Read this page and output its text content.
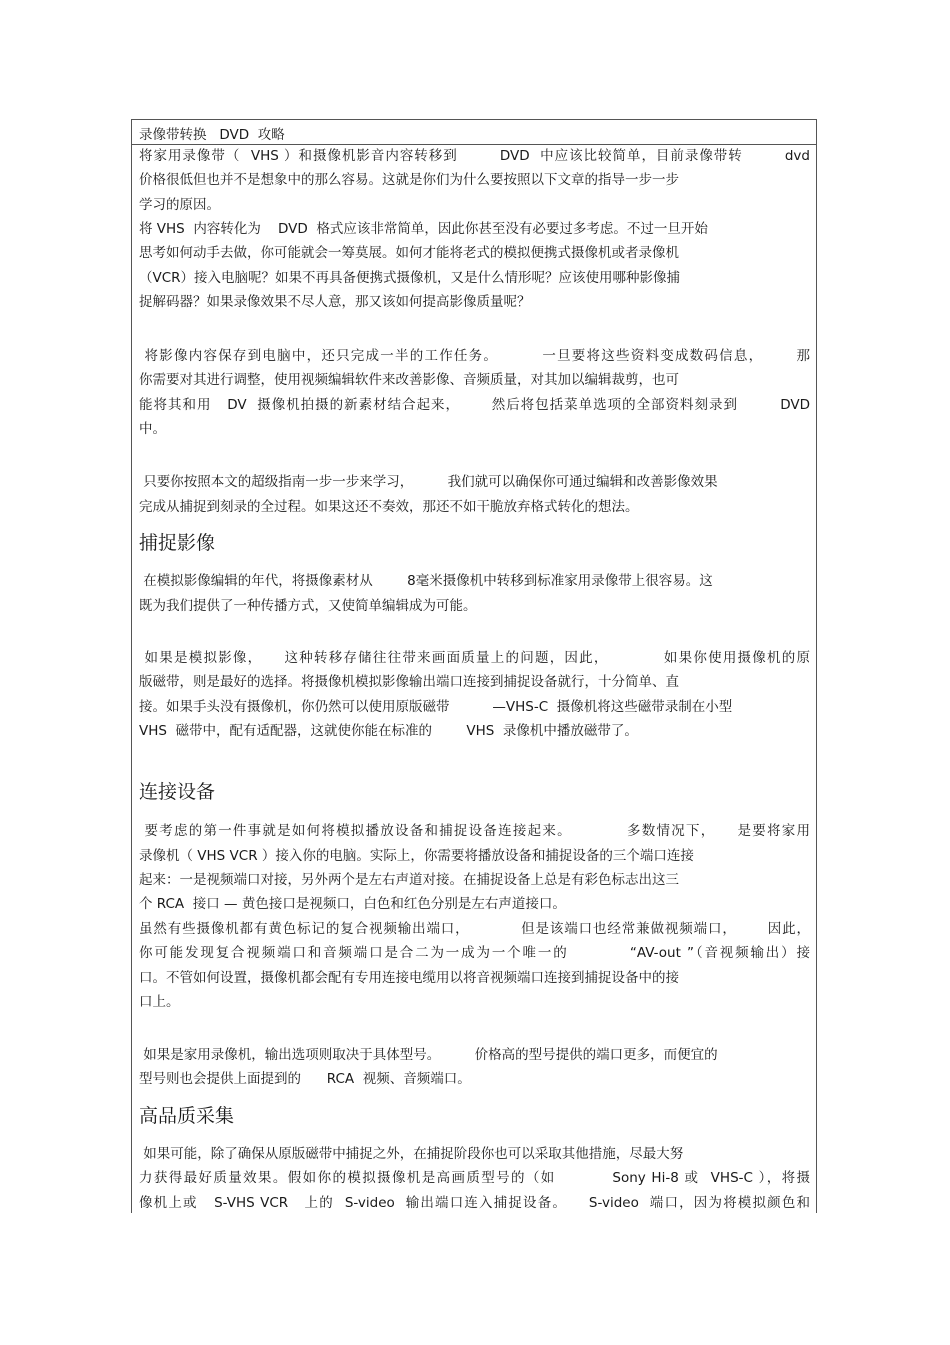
录像带转换   DVD  攻略
将家用录像带（  VHS ）和摄像机影音内容转移到        DVD  中应该比较简单，目前录像带转        dvd
价格很低但也并不是想象中的那么容易。这就是你们为什么要按照以下文章的指导一步一步
学习的原因。
将 VHS  内容转化为    DVD  格式应该非常简单，因此你甚至没有必要过多考虑。不过一旦开始
思考如何动手去做，你可能就会一筹莫展。如何才能将老式的模拟便携式摄像机或者录像机
（VCR）接入电脑呢？如果不再具备便携式摄像机，又是什么情形呢？应该使用哪种影像捕
捉解码器？如果录像效果不尽人意，那又该如何提高影像质量呢？
将影像内容保存到电脑中，还只完成一半的工作任务。        一旦要将这些资料变成数码信息，      那
你需要对其进行调整，使用视频编辑软件来改善影像、音频质量，对其加以编辑裁剪，也可
能将其和用   DV  摄像机拍摄的新素材结合起来，      然后将包括菜单选项的全部资料刻录到        DVD
中。
只要你按照本文的超级指南一步一步来学习，        我们就可以确保你可通过编辑和改善影像效果
完成从捕捉到刻录的全过程。如果这还不奏效，那还不如干脆放弃格式转化的想法。
捕捉影像
在模拟影像编辑的年代，将摄像素材从        8毫米摄像机中转移到标准家用录像带上很容易。这
既为我们提供了一种传播方式，又使简单编辑成为可能。
如果是模拟影像，    这种转移存储往往带来画面质量上的问题，因此，          如果你使用摄像机的原
版磁带，则是最好的选择。将摄像机模拟影像输出端口连接到捕捉设备就行，十分简单、直
接。如果手头没有摄像机，你仍然可以使用原版磁带          —VHS-C  摄像机将这些磁带录制在小型
VHS  磁带中，配有适配器，这就使你能在标准的        VHS  录像机中播放磁带了。
连接设备
要考虑的第一件事就是如何将模拟播放设备和捕捉设备连接起来。          多数情况下，    是要将家用
录像机（ VHS VCR ）接入你的电脑。实际上，你需要将播放设备和捕捉设备的三个端口连接
起来：一是视频端口对接，另外两个是左右声道对接。在捕捉设备上总是有彩色标志出这三
个 RCA  接口 — 黄色接口是视频口，白色和红色分别是左右声道接口。
虽然有些摄像机都有黄色标记的复合视频输出端口，          但是该端口也经常兼做视频端口，      因此，
你可能发现复合视频端口和音频端口是合二为一成为一个唯一的          “AV-out ”（音视频输出）接
口。不管如何设置，摄像机都会配有专用连接电缆用以将音视频端口连接到捕捉设备中的接
口上。
如果是家用录像机，输出选项则取决于具体型号。        价格高的型号提供的端口更多，而便宜的
型号则也会提供上面提到的      RCA  视频、音频端口。
高品质采集
如果可能，除了确保从原版磁带中捕捉之外，在捕捉阶段你也可以采取其他措施，尽最大努
力获得最好质量效果。假如你的模拟摄像机是高画质型号的（如          Sony Hi-8 或  VHS-C ），将摄
像机上或   S-VHS VCR   上的  S-video  输出端口连入捕捉设备。    S-video  端口，因为将模拟颜色和
